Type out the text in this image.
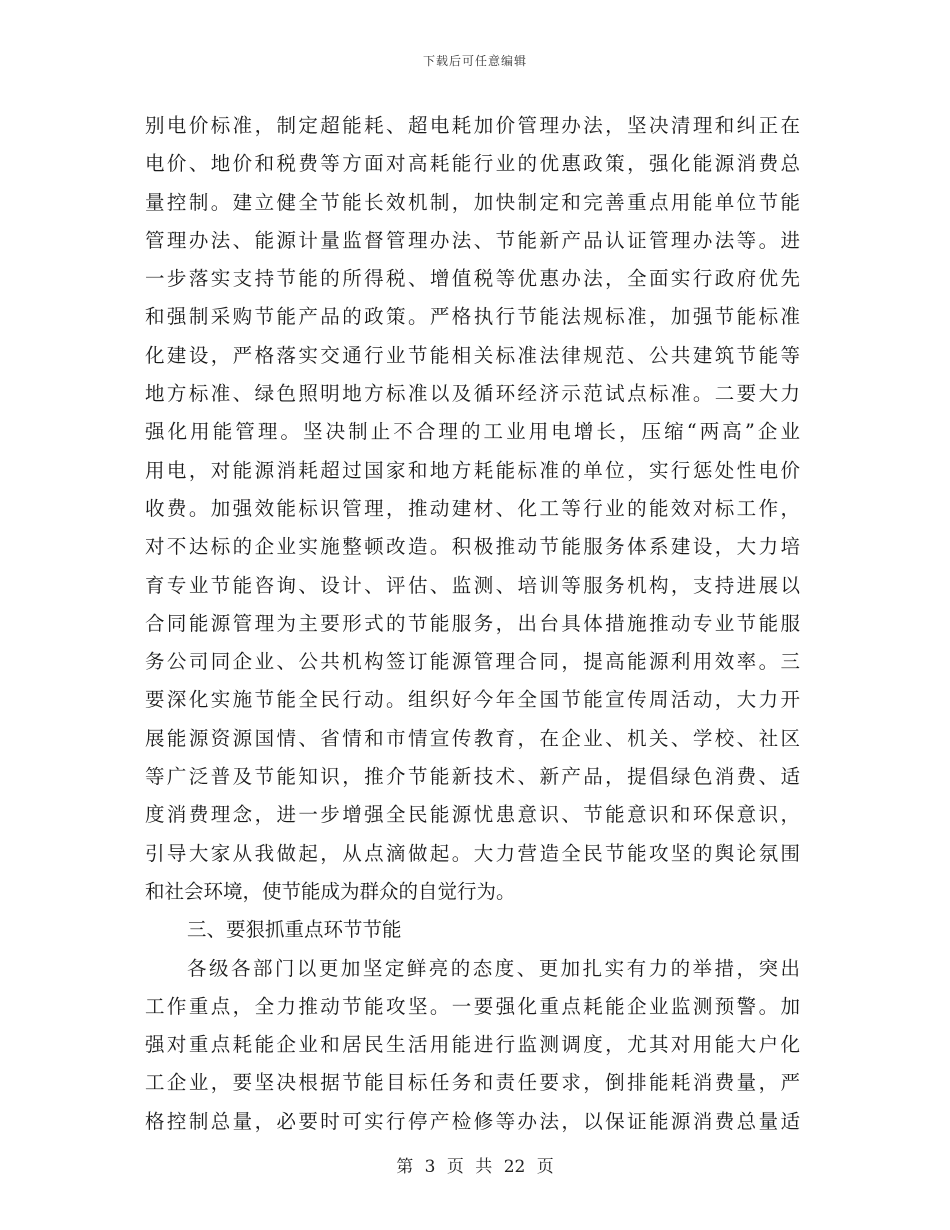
下载后可任意编辑
别电价标准，制定超能耗、超电耗加价管理办法，坚决清理和纠正在
电价、地价和税费等方面对高耗能行业的优惠政策，强化能源消费总
量控制。建立健全节能长效机制，加快制定和完善重点用能单位节能
管理办法、能源计量监督管理办法、节能新产品认证管理办法等。进
一步落实支持节能的所得税、增值税等优惠办法，全面实行政府优先
和强制采购节能产品的政策。严格执行节能法规标准，加强节能标准
化建设，严格落实交通行业节能相关标准法律规范、公共建筑节能等
地方标准、绿色照明地方标准以及循环经济示范试点标准。二要大力
强化用能管理。坚决制止不合理的工业用电增长，压缩“两高”企业
用电，对能源消耗超过国家和地方耗能标准的单位，实行惩处性电价
收费。加强效能标识管理，推动建材、化工等行业的能效对标工作，
对不达标的企业实施整顿改造。积极推动节能服务体系建设，大力培
育专业节能咨询、设计、评估、监测、培训等服务机构，支持进展以
合同能源管理为主要形式的节能服务，出台具体措施推动专业节能服
务公司同企业、公共机构签订能源管理合同，提高能源利用效率。三
要深化实施节能全民行动。组织好今年全国节能宣传周活动，大力开
展能源资源国情、省情和市情宣传教育，在企业、机关、学校、社区
等广泛普及节能知识，推介节能新技术、新产品，提倡绿色消费、适
度消费理念，进一步增强全民能源忧患意识、节能意识和环保意识，
引导大家从我做起，从点滴做起。大力营造全民节能攻坚的舆论氛围
和社会环境，使节能成为群众的自觉行为。
三、要狠抓重点环节节能
各级各部门以更加坚定鲜亮的态度、更加扎实有力的举措，突出
工作重点，全力推动节能攻坚。一要强化重点耗能企业监测预警。加
强对重点耗能企业和居民生活用能进行监测调度，尤其对用能大户化
工企业，要坚决根据节能目标任务和责任要求，倒排能耗消费量，严
格控制总量，必要时可实行停产检修等办法，以保证能源消费总量适
第 3 页 共 22 页
